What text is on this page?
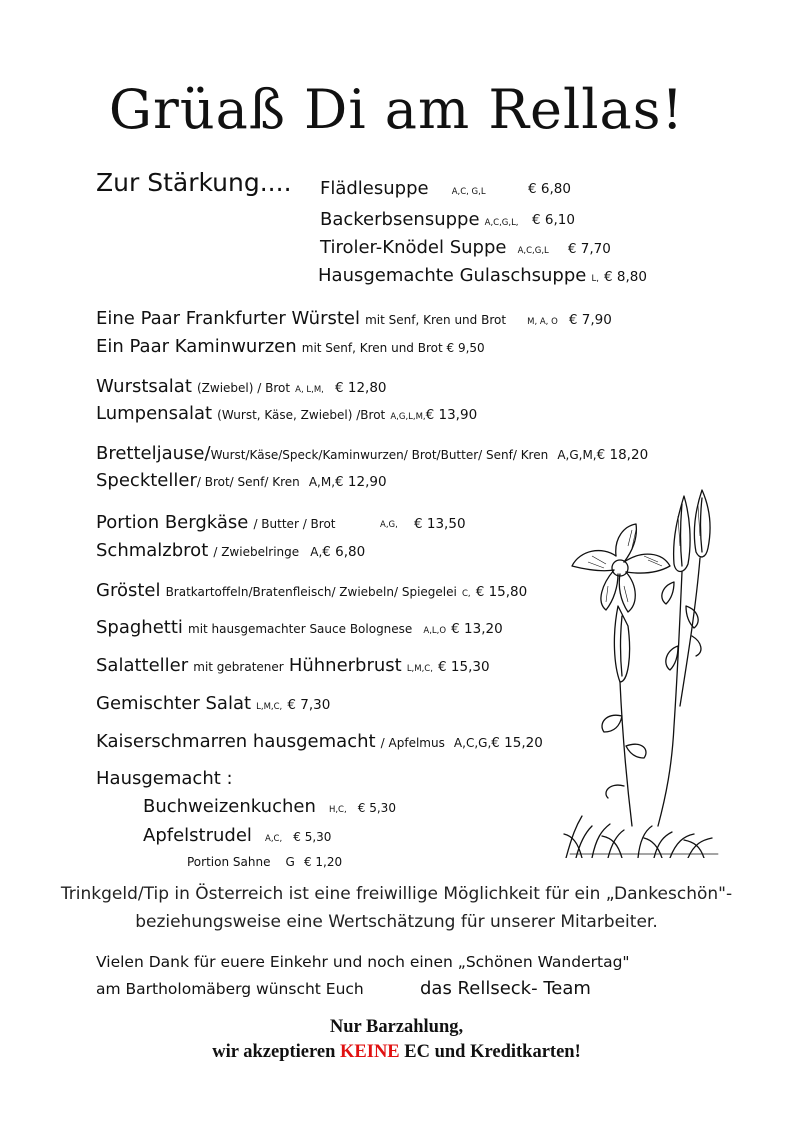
Grüaß Di am Rellas!
Zur Stärkung.... Flädlesuppe	A,C, G,L	€ 6,80
Backerbsensuppe A,C,G,L, € 6,10
Tiroler-Knödel Suppe A,C,G,L € 7,70
Hausgemachte Gulaschsuppe L, € 8,80
Eine Paar Frankfurter Würstel mit Senf, Kren und Brot M, A, O € 7,90
Ein Paar Kaminwurzen mit Senf, Kren und Brot € 9,50
Wurstsalat (Zwiebel) / Brot A, L,M, € 12,80
Lumpensalat (Wurst, Käse, Zwiebel) /Brot A,G,L,M,€ 13,90
Bretteljause/Wurst/Käse/Speck/Kaminwurzen/ Brot/Butter/ Senf/ Kren A,G,M,€ 18,20
Speckteller/ Brot/ Senf/ Kren A,M,€ 12,90
Portion Bergkäse / Butter / Brot	A,G, € 13,50
Schmalzbrot / Zwiebelringe A,€ 6,80
Gröstel Bratkartoffeln/Bratenfleisch/ Zwiebeln/ Spiegelei C, € 15,80
Spaghetti mit hausgemachter Sauce Bolognese A,L,O € 13,20
Salatteller mit gebratener Hühnerbrust L,M,C, € 15,30
Gemischter Salat L,M,C, € 7,30
Kaiserschmarren hausgemacht / Apfelmus A,C,G,€ 15,20
Hausgemacht :
Buchweizenkuchen H,C, € 5,30
Apfelstrudel A,C, € 5,30
Portion Sahne G € 1,20
Trinkgeld/Tip in Österreich ist eine freiwillige Möglichkeit für ein „Dankeschön"-
beziehungsweise eine Wertschätzung für unserer Mitarbeiter.
Vielen Dank für euere Einkehr und noch einen „Schönen Wandertag"
am Bartholomäberg wünscht Euch	das Rellseck- Team
Nur Barzahlung,
wir akzeptieren KEINE EC und Kreditkarten!
